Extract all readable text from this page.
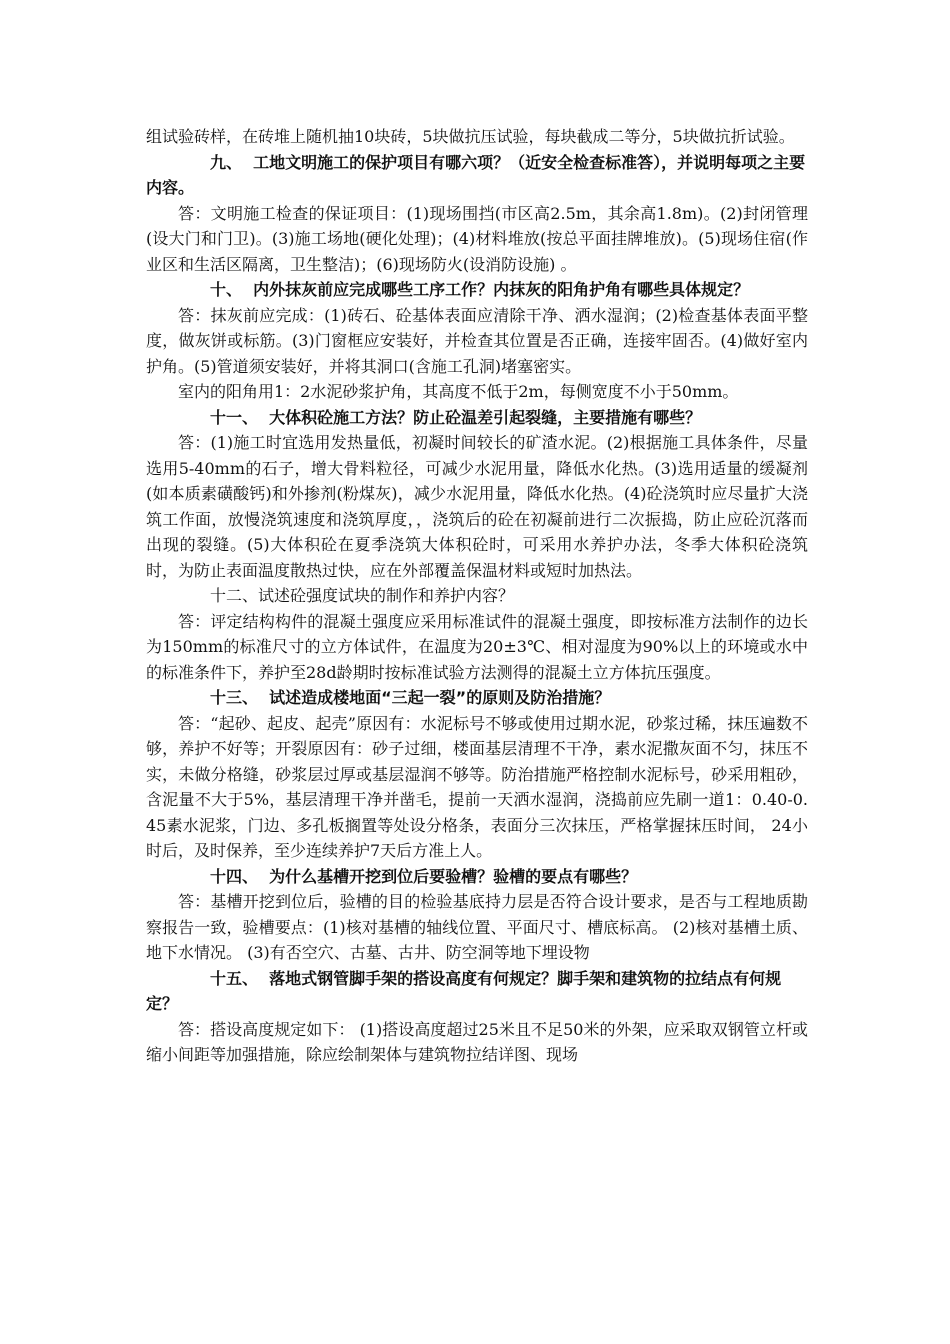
组试验砖样，在砖堆上随机抽10块砖，5块做抗压试验，每块截成二等分，5块做抗折试验。

九、 工地文明施工的保护项目有哪六项？（近安全检查标准答），并说明每项之主要内容。

答：文明施工检查的保证项目：(1)现场围挡(市区高2.5m，其余高1.8m)。(2)封闭管理(设大门和门卫)。(3)施工场地(硬化处理)；(4)材料堆放(按总平面挂牌堆放)。(5)现场住宿(作业区和生活区隔离，卫生整洁)；(6)现场防火(设消防设施) 。

十、 内外抹灰前应完成哪些工序工作？内抹灰的阳角护角有哪些具体规定？

答：抹灰前应完成：(1)砖石、砼基体表面应清除干净、洒水湿润；(2)检查基体表面平整度，做灰饼或标筋。(3)门窗框应安装好，并检查其位置是否正确，连接牢固否。(4)做好室内护角。(5)管道须安装好，并将其洞口(含施工孔洞)堵塞密实。

室内的阳角用1：2水泥砂浆护角，其高度不低于2m，每侧宽度不小于50mm。

十一、 大体积砼施工方法？防止砼温差引起裂缝，主要措施有哪些？

答：(1)施工时宜选用发热量低，初凝时间较长的矿渣水泥。(2)根据施工具体条件，尽量选用5-40mm的石子，增大骨料粒径，可减少水泥用量，降低水化热。(3)选用适量的缓凝剂(如本质素磺酸钙)和外掺剂(粉煤灰)，减少水泥用量，降低水化热。(4)砼浇筑时应尽量扩大浇筑工作面，放慢浇筑速度和浇筑厚度，，浇筑后的砼在初凝前进行二次振捣，防止应砼沉落而出现的裂缝。(5)大体积砼在夏季浇筑大体积砼时，可采用水养护办法，冬季大体积砼浇筑时，为防止表面温度散热过快，应在外部覆盖保温材料或短时加热法。

十二、试述砼强度试块的制作和养护内容？

答：评定结构构件的混凝土强度应采用标准试件的混凝土强度，即按标准方法制作的边长为150mm的标准尺寸的立方体试件，在温度为20±3℃、相对湿度为90%以上的环境或水中的标准条件下，养护至28d龄期时按标准试验方法测得的混凝土立方体抗压强度。

十三、 试述造成楼地面“三起一裂”的原则及防治措施？

答：“起砂、起皮、起壳”原因有：水泥标号不够或使用过期水泥，砂浆过稀，抹压遍数不够，养护不好等；开裂原因有：砂子过细，楼面基层清理不干净，素水泥撒灰面不匀，抹压不实，未做分格缝，砂浆层过厚或基层湿润不够等。防治措施严格控制水泥标号，砂采用粗砂，含泥量不大于5%，基层清理干净并凿毛，提前一天洒水湿润，浇捣前应先刷一道1：0.40-0.45素水泥浆，门边、多孔板搁置等处设分格条，表面分三次抹压，严格掌握抹压时间， 24小时后，及时保养，至少连续养护7天后方准上人。

十四、 为什么基槽开挖到位后要验槽？验槽的要点有哪些？

答：基槽开挖到位后，验槽的目的检验基底持力层是否符合设计要求，是否与工程地质勘察报告一致，验槽要点：(1)核对基槽的轴线位置、平面尺寸、槽底标高。 (2)核对基槽土质、地下水情况。 (3)有否空穴、古墓、古井、防空洞等地下埋设物

十五、 落地式钢管脚手架的搭设高度有何规定？脚手架和建筑物的拉结点有何规定？

答：搭设高度规定如下： (1)搭设高度超过25米且不足50米的外架，应采取双钢管立杆或缩小间距等加强措施，除应绘制架体与建筑物拉结详图、现场
